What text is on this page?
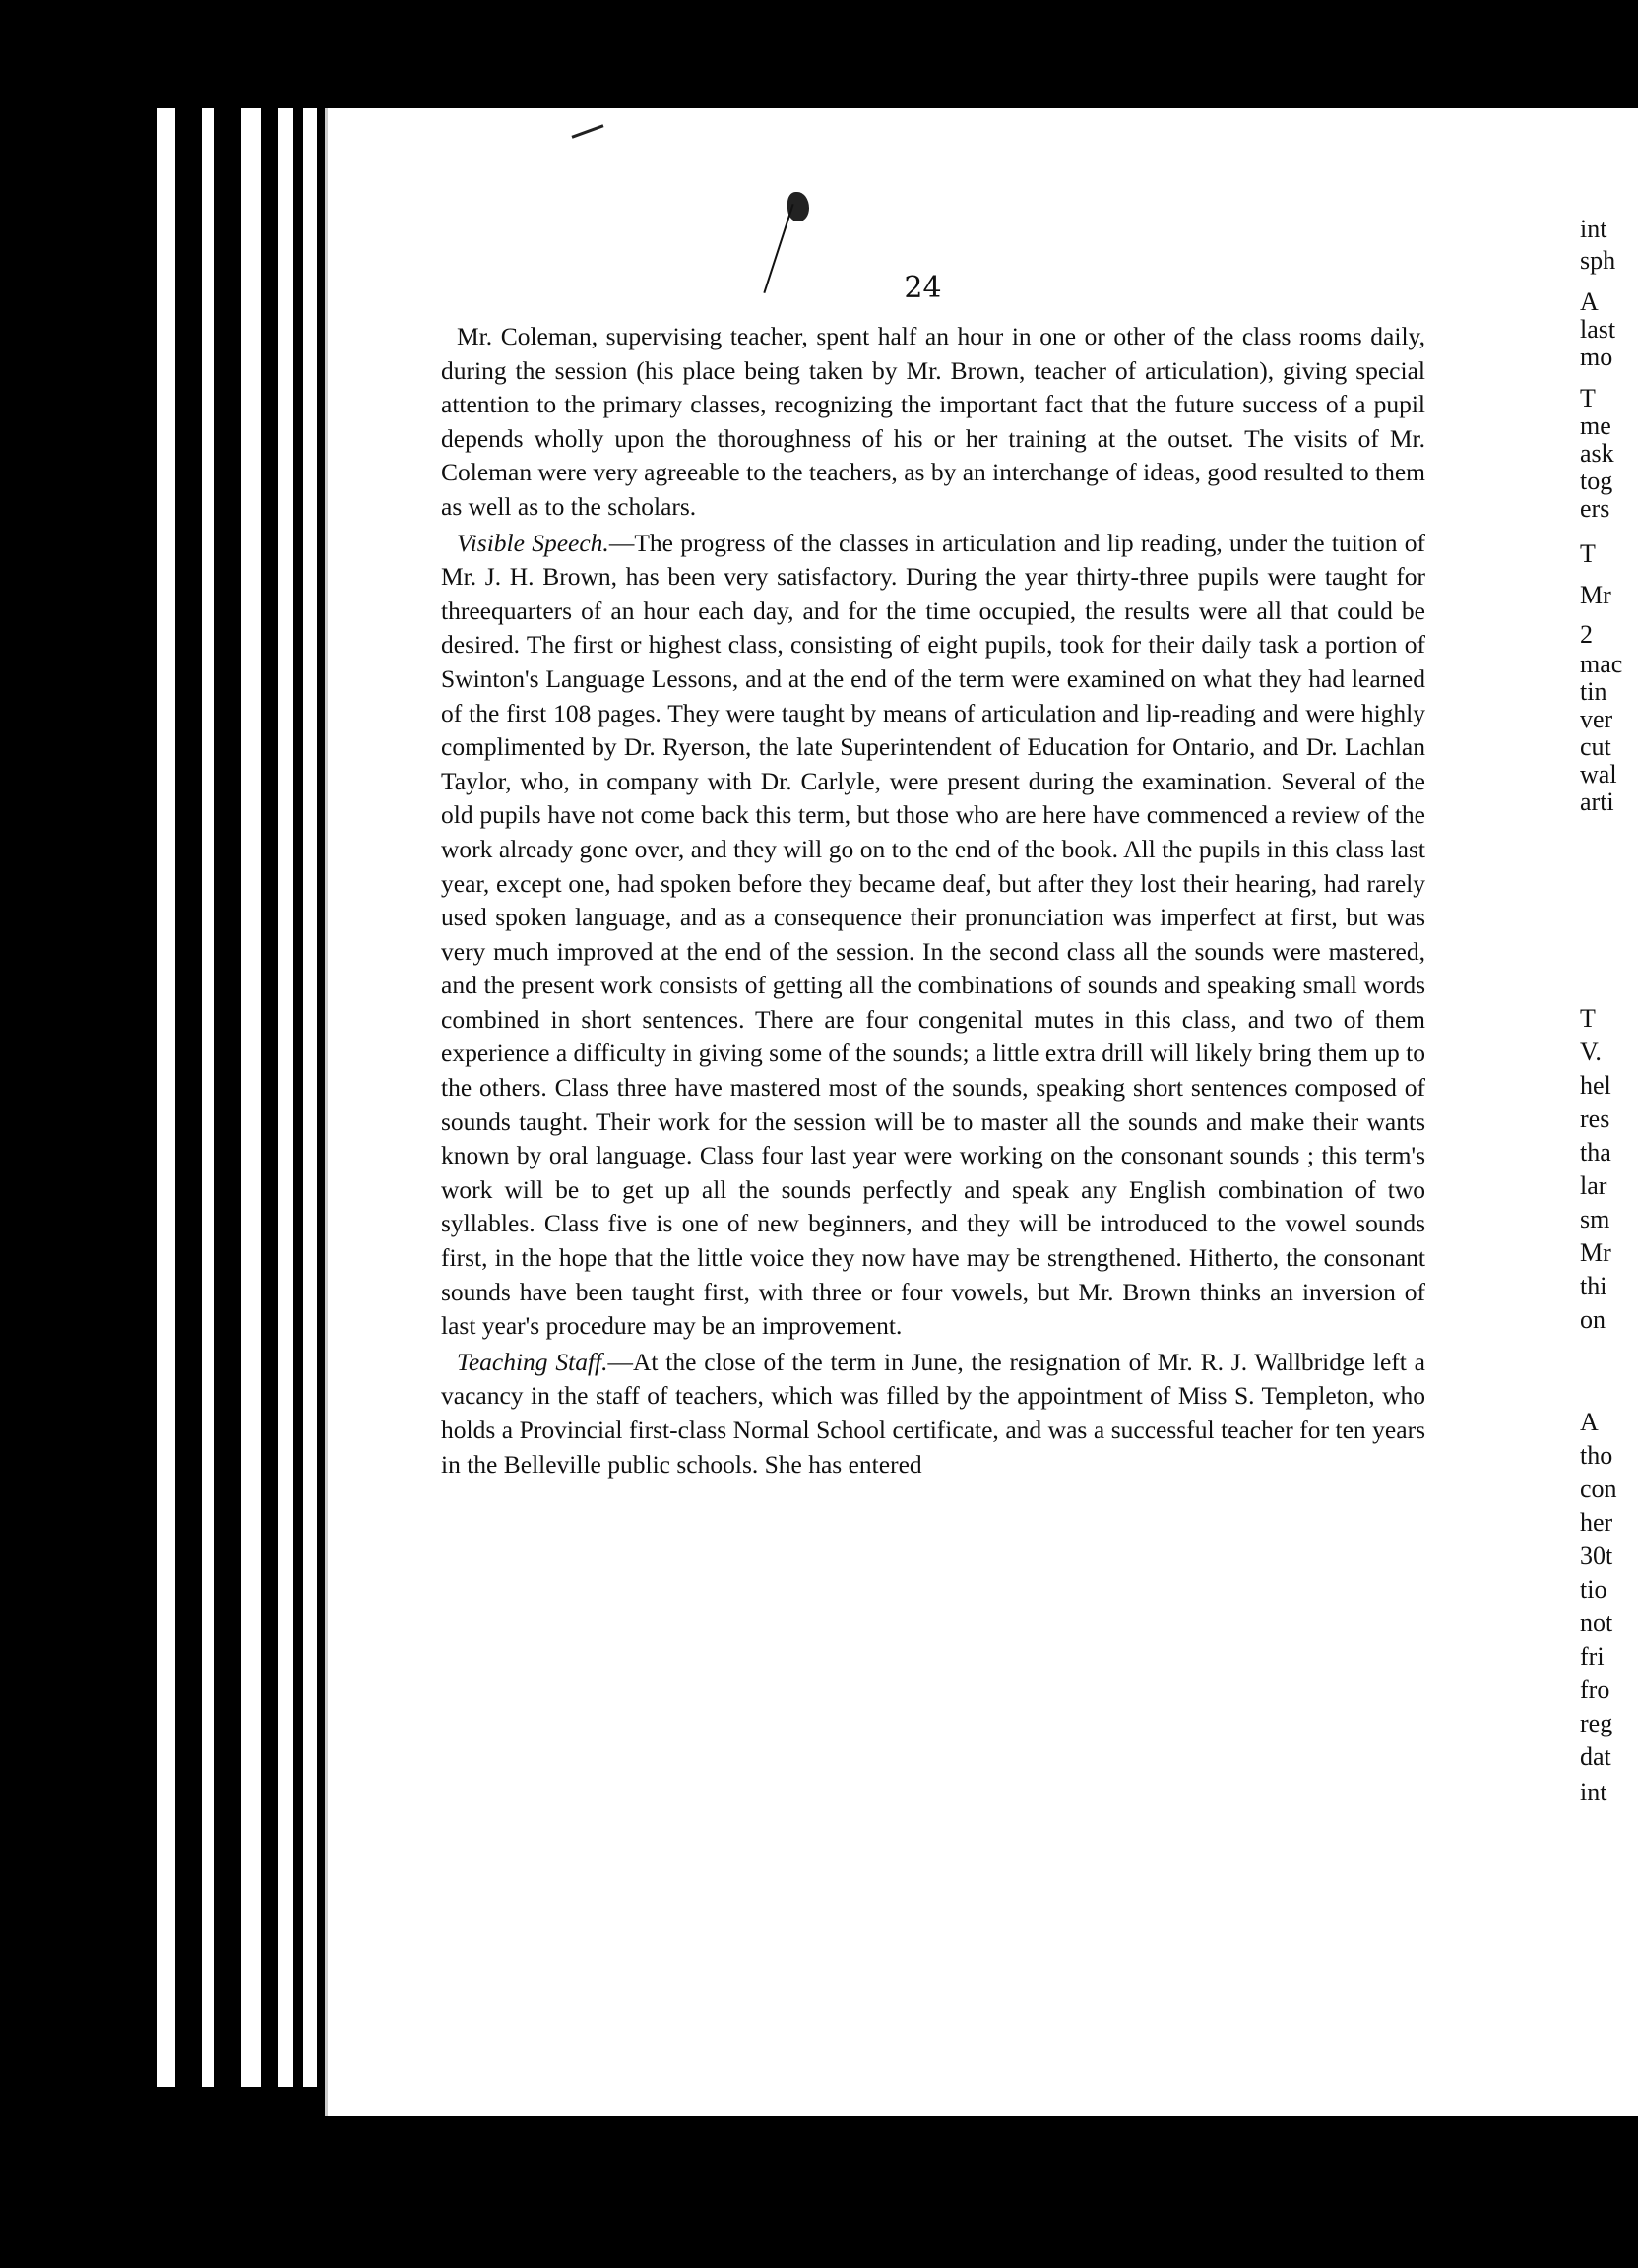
24

Mr. Coleman, supervising teacher, spent half an hour in one or other of the class rooms daily, during the session (his place being taken by Mr. Brown, teacher of articulation), giving special attention to the primary classes, recognizing the important fact that the future success of a pupil depends wholly upon the thoroughness of his or her training at the outset. The visits of Mr. Coleman were very agreeable to the teachers, as by an interchange of ideas, good resulted to them as well as to the scholars.

Visible Speech.—The progress of the classes in articulation and lip reading, under the tuition of Mr. J. H. Brown, has been very satisfactory. During the year thirty-three pupils were taught for threequarters of an hour each day, and for the time occupied, the results were all that could be desired. The first or highest class, consisting of eight pupils, took for their daily task a portion of Swinton's Language Lessons, and at the end of the term were examined on what they had learned of the first 108 pages. They were taught by means of articulation and lip-reading and were highly complimented by Dr. Ryerson, the late Superintendent of Education for Ontario, and Dr. Lachlan Taylor, who, in company with Dr. Carlyle, were present during the examination. Several of the old pupils have not come back this term, but those who are here have commenced a review of the work already gone over, and they will go on to the end of the book. All the pupils in this class last year, except one, had spoken before they became deaf, but after they lost their hearing, had rarely used spoken language, and as a consequence their pronunciation was imperfect at first, but was very much improved at the end of the session. In the second class all the sounds were mastered, and the present work consists of getting all the combinations of sounds and speaking small words combined in short sentences. There are four congenital mutes in this class, and two of them experience a difficulty in giving some of the sounds; a little extra drill will likely bring them up to the others. Class three have mastered most of the sounds, speaking short sentences composed of sounds taught. Their work for the session will be to master all the sounds and make their wants known by oral language. Class four last year were working on the consonant sounds ; this term's work will be to get up all the sounds perfectly and speak any English combination of two syllables. Class five is one of new beginners, and they will be introduced to the vowel sounds first, in the hope that the little voice they now have may be strengthened. Hitherto, the consonant sounds have been taught first, with three or four vowels, but Mr. Brown thinks an inversion of last year's procedure may be an improvement.

Teaching Staff.—At the close of the term in June, the resignation of Mr. R. J. Wallbridge left a vacancy in the staff of teachers, which was filled by the appointment of Miss S. Templeton, who holds a Provincial first-class Normal School certificate, and was a successful teacher for ten years in the Belleville public schools. She has entered

int
sph
A
last
mo
T
me
ask
tog
ers
T
Mr
2
mac
tin
ver
cut
wal
arti
T
V.
hel
res
tha
lar
sm
Mr
thi
on
A
tho
con
her
30t
tio
not
fri
fro
reg
dat
int
